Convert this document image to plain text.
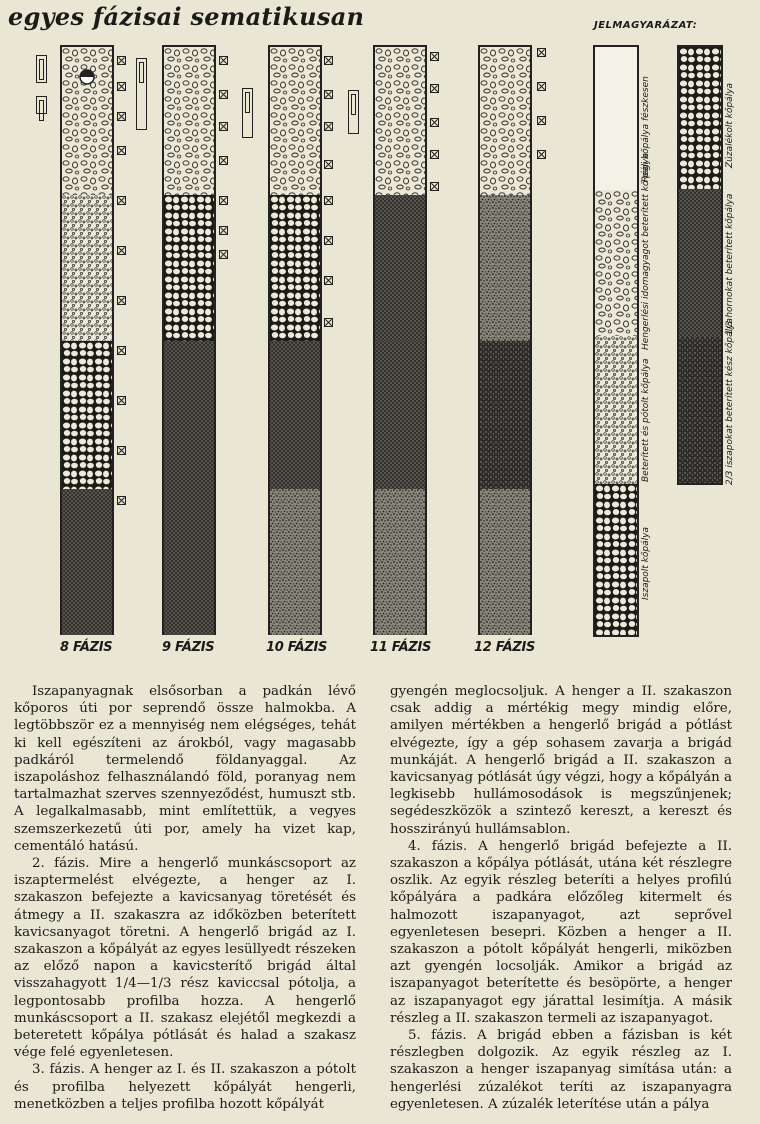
egyes fázisai sematikusan
8 FÁZIS	9 FÁZIS	10 FÁZIS	11 FÁZIS	12 FÁZIS
JELMAGYARÁZAT:
Régi kőpálya fészkesen
Hengerlési idomagyagot beterített kő pálya
Beterített és pótolt kőpálya
Iszapolt kőpálya
Zúzalékolt kőpálya
1/3 hornokat beterített kőpálya
2/3 iszapokat beterített kész kőpálya

Iszapanyagnak elsősorban a padkán lévő kőporos úti por seprendő össze halmokba. A legtöbbször ez a mennyiség nem elégséges, tehát ki kell egészíteni az árokból, vagy magasabb padkáról termelendő földanyaggal. Az iszapoláshoz felhasználandó föld, poranyag nem tartalmazhat szerves szennyeződést, humuszt stb. A legalkalmasabb, mint említettük, a vegyes szemszerkezetű úti por, amely ha vizet kap, cementáló hatású.

2. fázis. Mire a hengerlő munkáscsoport az iszaptermelést elvégezte, a henger az I. szakaszon befejezte a kavicsanyag töretését és átmegy a II. szakaszra az időközben beterített kavicsanyagot töretni. A hengerlő brigád az I. szakaszon a kőpályát az egyes lesüllyedt részeken az előző napon a kavicsterítő brigád által visszahagyott 1/4—1/3 rész kaviccsal pótolja, a legpontosabb profilba hozza. A hengerlő munkáscsoport a II. szakasz elejétől megkezdi a beteretett kőpálya pótlását és halad a szakasz vége felé egyenletesen.

3. fázis. A henger az I. és II. szakaszon a pótolt és profilba helyezett kőpályát hengerli, menetközben a teljes profilba hozott kőpályát

gyengén meglocsoljuk. A henger a II. szakaszon csak addig a mértékig megy mindig előre, amilyen mértékben a hengerlő brigád a pótlást elvégezte, így a gép sohasem zavarja a brigád munkáját. A hengerlő brigád a II. szakaszon a kavicsanyag pótlását úgy végzi, hogy a kőpályán a legkisebb hullámosodások is megszűnjenek; segédeszközök a szintező kereszt, a kereszt és hosszirányú hullámsablon.

4. fázis. A hengerlő brigád befejezte a II. szakaszon a kőpálya pótlását, utána két részlegre oszlik. Az egyik részleg beteríti a helyes profilú kőpályára a padkára előzőleg kitermelt és halmozott iszapanyagot, azt seprővel egyenletesen besepri. Közben a henger a II. szakaszon a pótolt kőpályát hengerli, miközben azt gyengén locsolják. Amikor a brigád az iszapanyagot beterítette és besöpörte, a henger az iszapanyagot egy járattal lesimítja. A másik részleg a II. szakaszon termeli az iszapanyagot.

5. fázis. A brigád ebben a fázisban is két részlegben dolgozik. Az egyik részleg az I. szakaszon a henger iszapanyag simítása után: a hengerlési zúzalékot teríti az iszapanyagra egyenletesen. A zúzalék leterítése után a pálya
